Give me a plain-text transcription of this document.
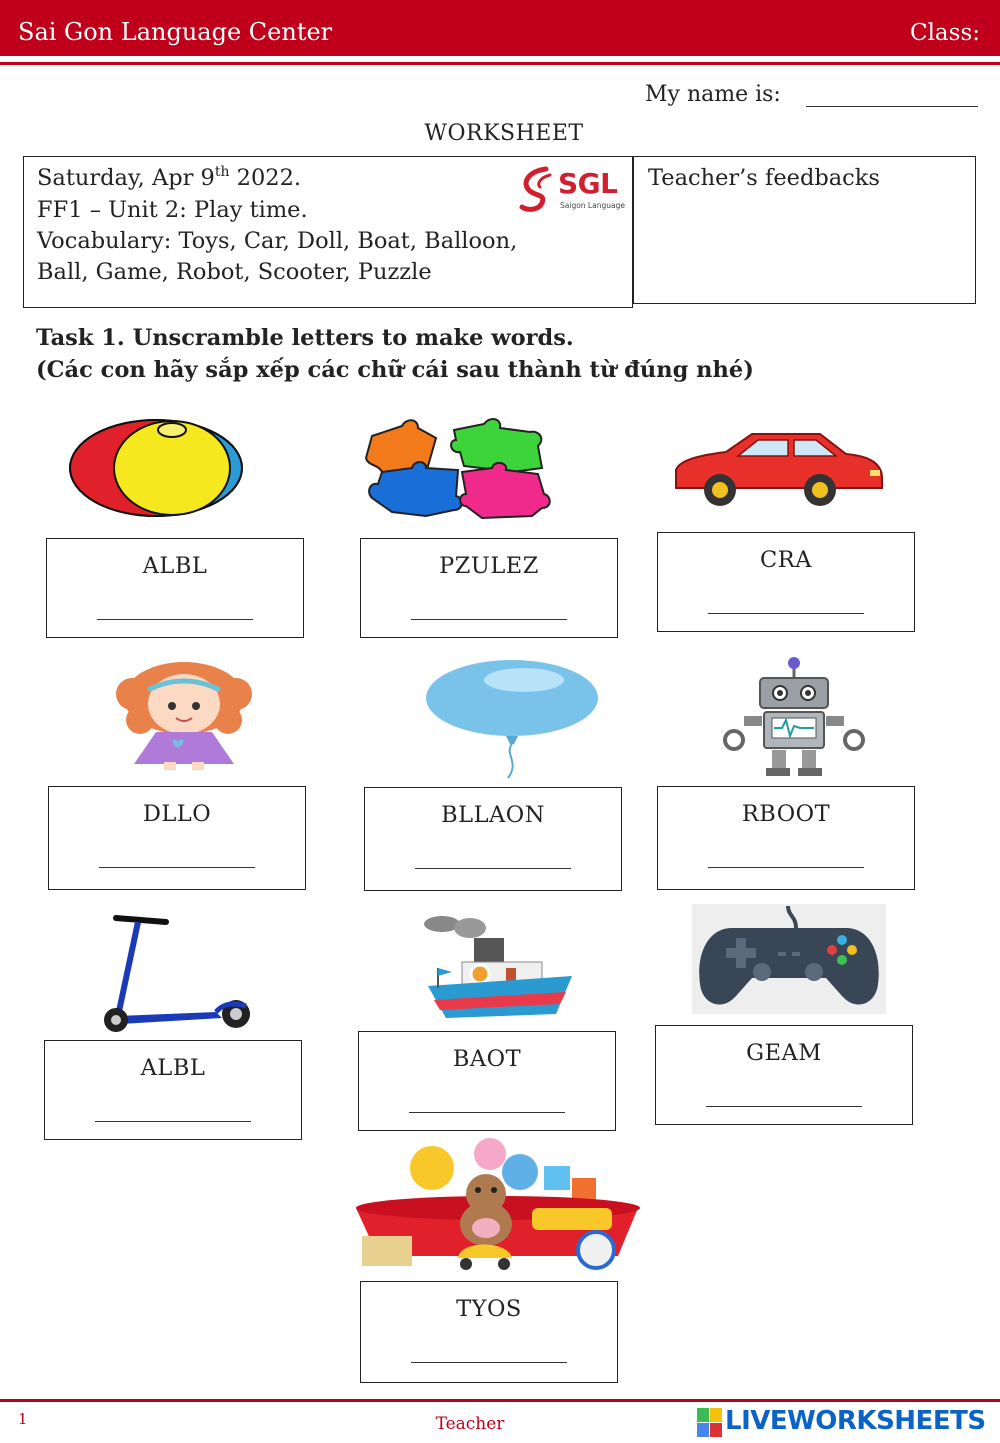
Sai Gon Language Center	Class:
My name is:
WORKSHEET
Saturday, Apr 9th 2022.
FF1 – Unit 2: Play time.
Vocabulary: Toys, Car, Doll, Boat, Balloon,
Ball, Game, Robot, Scooter, Puzzle
SGL
Saigon Language
Teacher’s feedbacks
Task 1. Unscramble letters to make words.
(Các con hãy sắp xếp các chữ cái sau thành từ đúng nhé)
ALBL	PZULEZ	CRA
DLLO	BLLAON	RBOOT
ALBL	BAOT	GEAM
TYOS
1	Teacher	LIVEWORKSHEETS
